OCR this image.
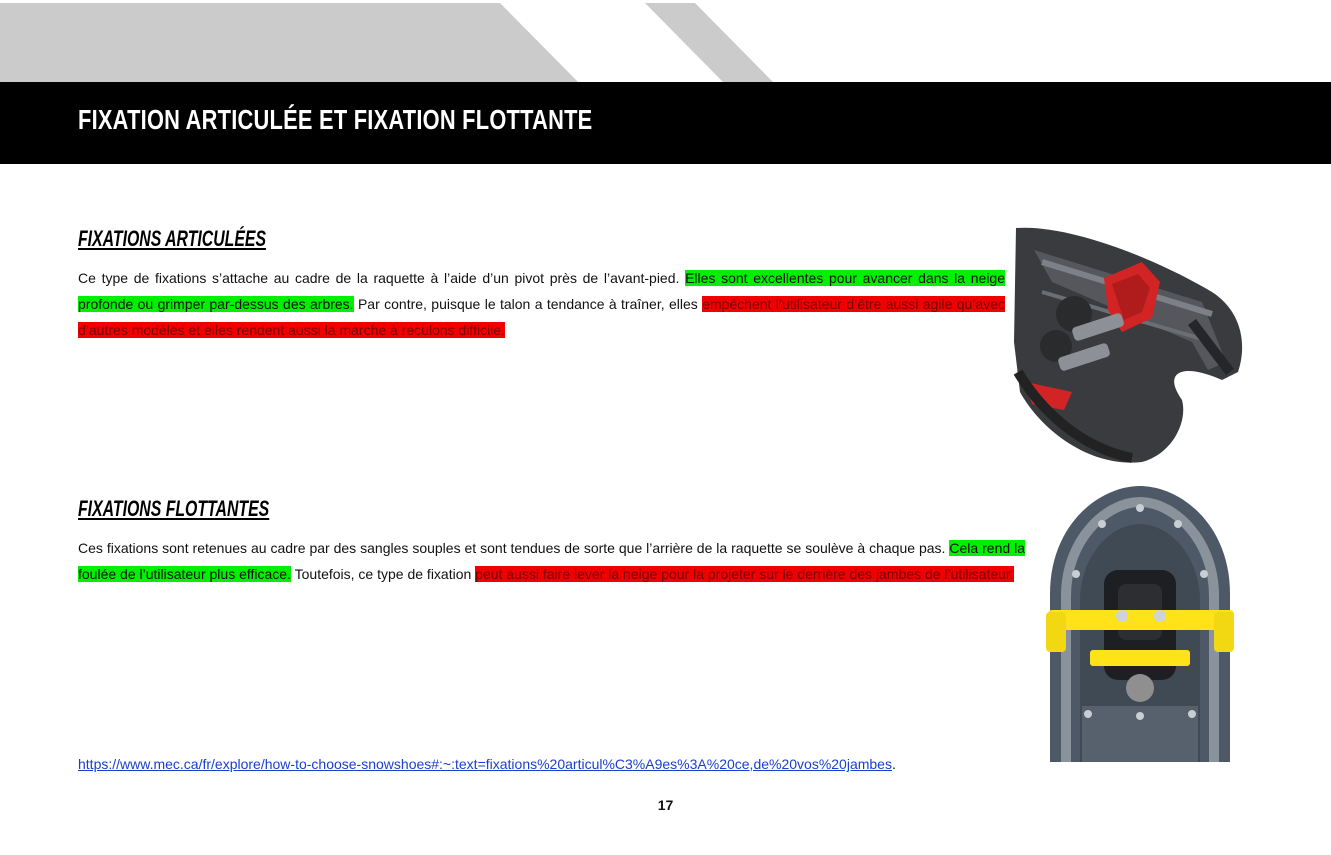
FIXATION ARTICULÉE ET FIXATION FLOTTANTE
FIXATIONS ARTICULÉES

Ce type de fixations s’attache au cadre de la raquette à l’aide d’un pivot près de l’avant-pied. Elles sont excellentes pour avancer dans la neige profonde ou grimper par-dessus des arbres. Par contre, puisque le talon a tendance à traîner, elles empêchent l’utilisateur d’être aussi agile qu’avec d’autres modèles et elles rendent aussi la marche à reculons difficile.

FIXATIONS FLOTTANTES

Ces fixations sont retenues au cadre par des sangles souples et sont tendues de sorte que l’arrière de la raquette se soulève à chaque pas. Cela rend la foulée de l’utilisateur plus efficace. Toutefois, ce type de fixation peut aussi faire lever la neige pour la projeter sur le derrière des jambes de l’utilisateur.

https://www.mec.ca/fr/explore/how-to-choose-snowshoes#:~:text=fixations%20articul%C3%A9es%3A%20ce,de%20vos%20jambes.
17
